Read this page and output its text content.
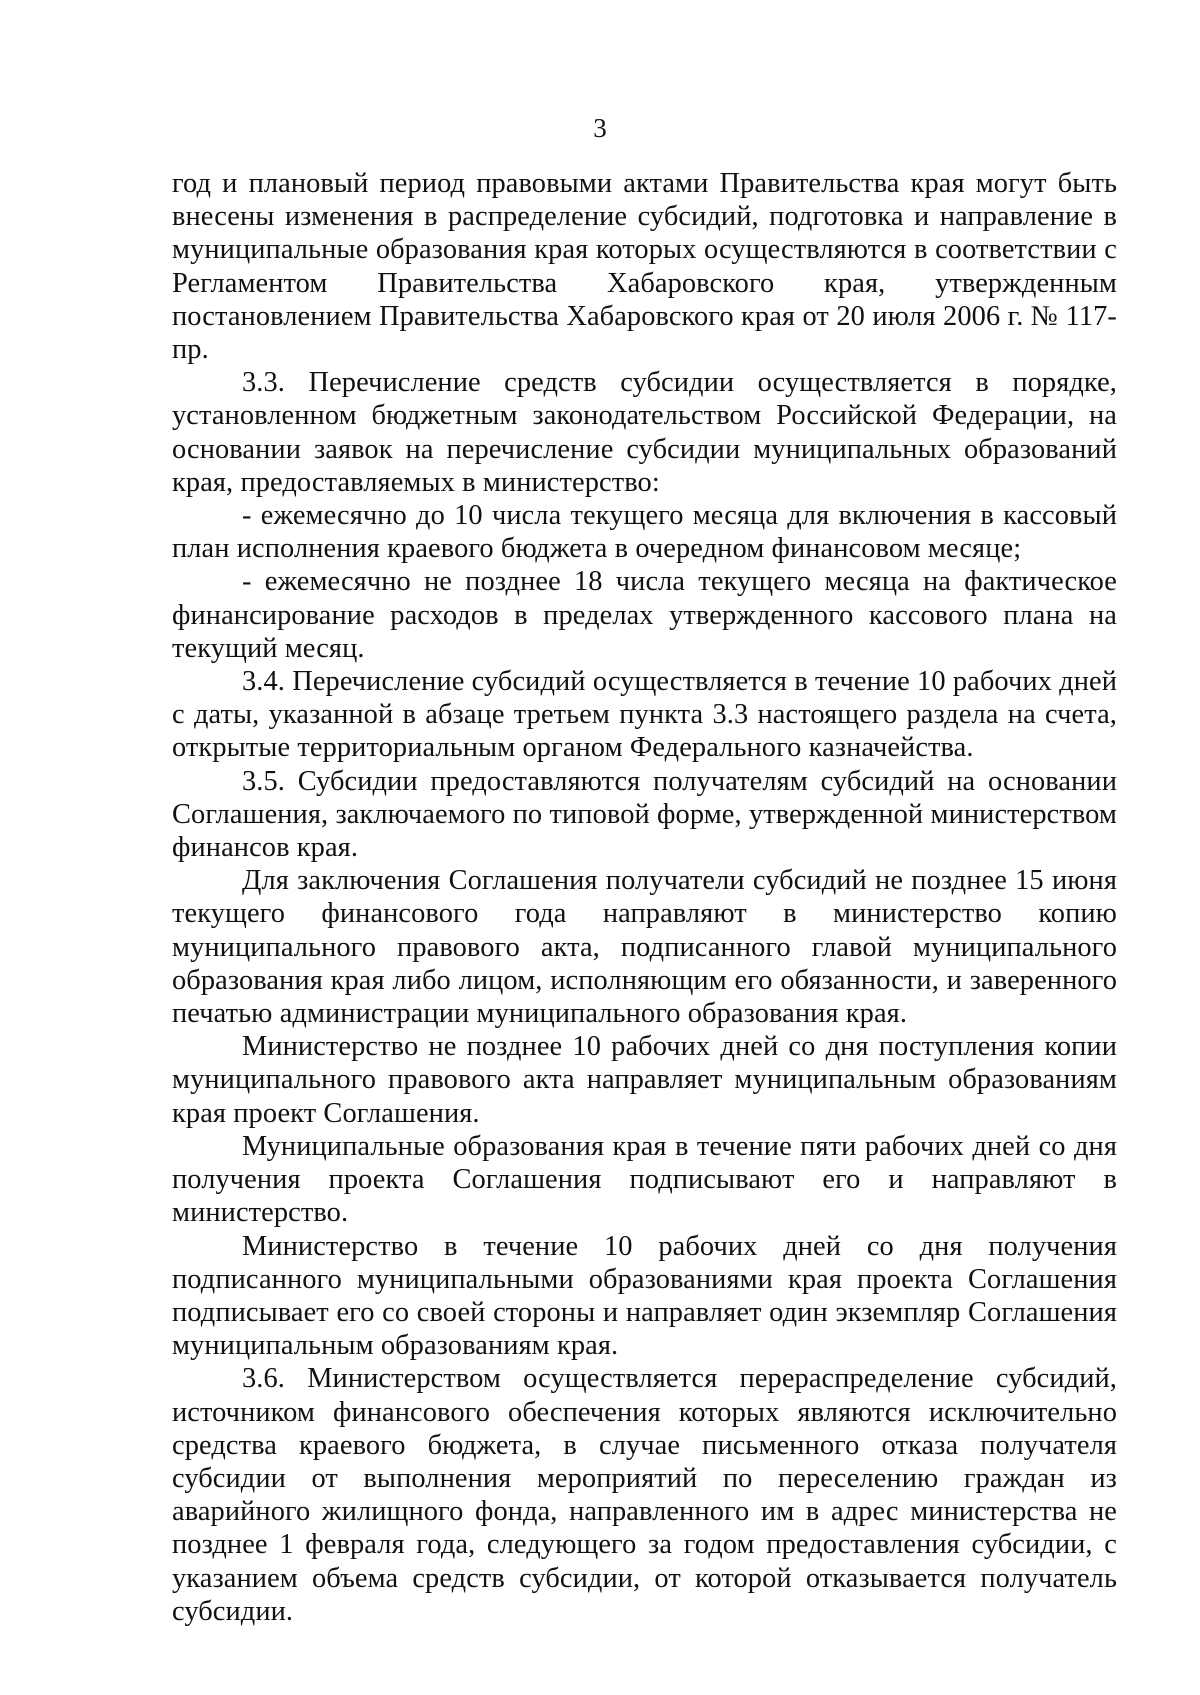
3

год и плановый период правовыми актами Правительства края могут быть внесены изменения в распределение субсидий, подготовка и направление в муниципальные образования края которых осуществляются в соответствии с Регламентом Правительства Хабаровского края, утвержденным постановлением Правительства Хабаровского края от 20 июля 2006 г. № 117-пр.

3.3. Перечисление средств субсидии осуществляется в порядке, установленном бюджетным законодательством Российской Федерации, на основании заявок на перечисление субсидии муниципальных образований края, предоставляемых в министерство:

- ежемесячно до 10 числа текущего месяца для включения в кассовый план исполнения краевого бюджета в очередном финансовом месяце;

- ежемесячно не позднее 18 числа текущего месяца на фактическое финансирование расходов в пределах утвержденного кассового плана на текущий месяц.

3.4. Перечисление субсидий осуществляется в течение 10 рабочих дней с даты, указанной в абзаце третьем пункта 3.3 настоящего раздела на счета, открытые территориальным органом Федерального казначейства.

3.5. Субсидии предоставляются получателям субсидий на основании Соглашения, заключаемого по типовой форме, утвержденной министерством финансов края.

Для заключения Соглашения получатели субсидий не позднее 15 июня текущего финансового года направляют в министерство копию муниципального правового акта, подписанного главой муниципального образования края либо лицом, исполняющим его обязанности, и заверенного печатью администрации муниципального образования края.

Министерство не позднее 10 рабочих дней со дня поступления копии муниципального правового акта направляет муниципальным образованиям края проект Соглашения.

Муниципальные образования края в течение пяти рабочих дней со дня получения проекта Соглашения подписывают его и направляют в министерство.

Министерство в течение 10 рабочих дней со дня получения подписанного муниципальными образованиями края проекта Соглашения подписывает его со своей стороны и направляет один экземпляр Соглашения муниципальным образованиям края.

3.6. Министерством осуществляется перераспределение субсидий, источником финансового обеспечения которых являются исключительно средства краевого бюджета, в случае письменного отказа получателя субсидии от выполнения мероприятий по переселению граждан из аварийного жилищного фонда, направленного им в адрес министерства не позднее 1 февраля года, следующего за годом предоставления субсидии, с указанием объема средств субсидии, от которой отказывается получатель субсидии.
